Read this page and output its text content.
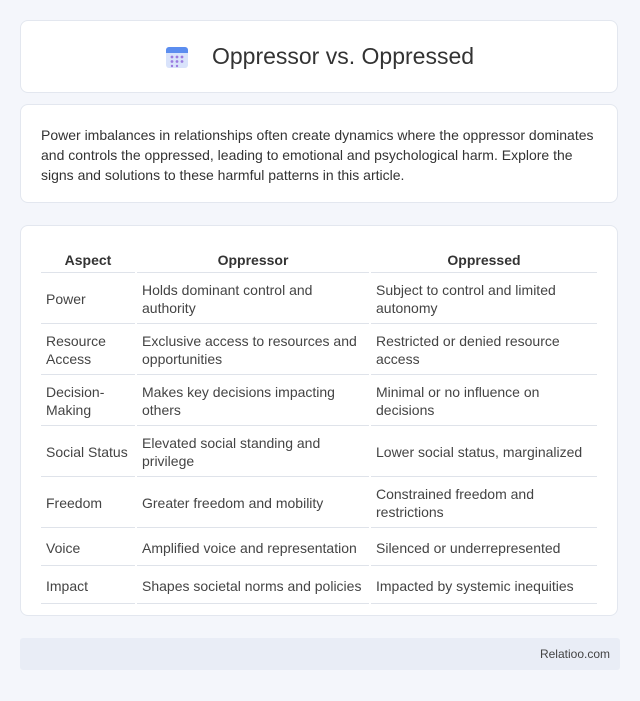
Oppressor vs. Oppressed

Power imbalances in relationships often create dynamics where the oppressor dominates and controls the oppressed, leading to emotional and psychological harm. Explore the signs and solutions to these harmful patterns in this article.

Aspect	Oppressor	Oppressed
Power	Holds dominant control and authority	Subject to control and limited autonomy
Resource Access	Exclusive access to resources and opportunities	Restricted or denied resource access
Decision-Making	Makes key decisions impacting others	Minimal or no influence on decisions
Social Status	Elevated social standing and privilege	Lower social status, marginalized
Freedom	Greater freedom and mobility	Constrained freedom and restrictions
Voice	Amplified voice and representation	Silenced or underrepresented
Impact	Shapes societal norms and policies	Impacted by systemic inequities
Relatioo.com
